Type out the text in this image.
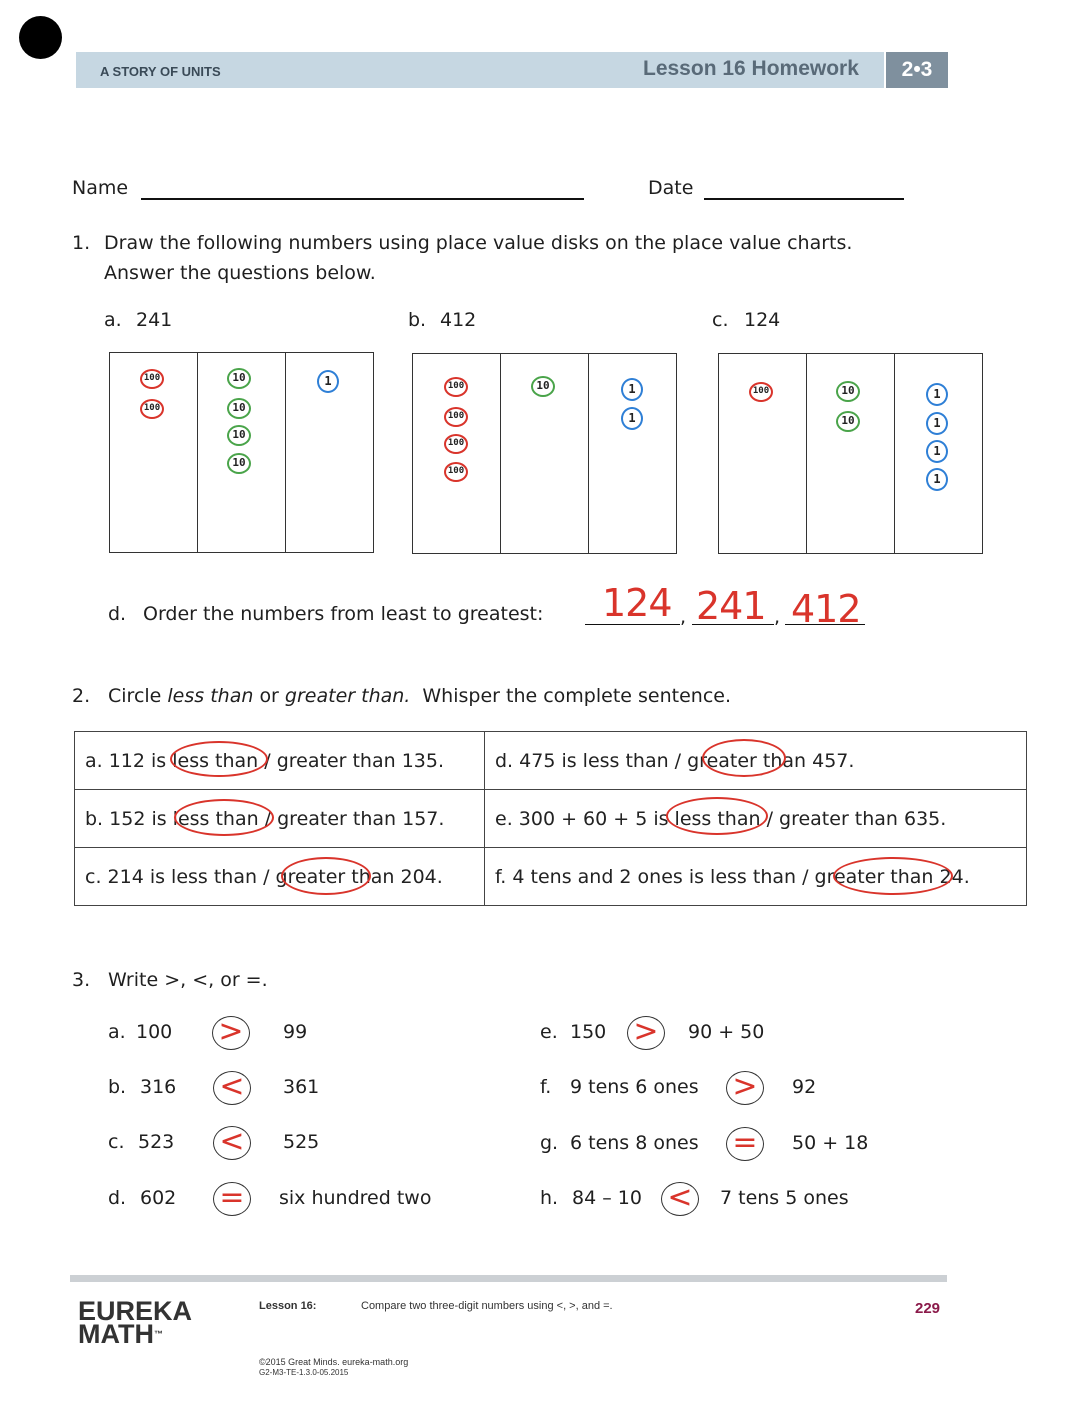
A STORY OF UNITS	Lesson 16 Homework	2•3
Name	Date
1. Draw the following numbers using place value disks on the place value charts.
Answer the questions below.
a. 241	b. 412	c. 124
100
100
10
10
10
10
1	100
100
100
100
10	1
1
100	10
10
1
1
1
1
d. Order the numbers from least to greatest:	,	,
124 241 412
2. Circle less than or greater than. Whisper the complete sentence.
a. 112 is less than / greater than 135.	d. 475 is less than / greater than 457.
b. 152 is less than / greater than 157.	e. 300 + 60 + 5 is less than / greater than 635.
c. 214 is less than / greater than 204.	f. 4 tens and 2 ones is less than / greater than 24.
3. Write >, <, or =.
a. 100 >	99
b. 316 <	361
c. 523 <	525
d. 602 =	six hundred two
e. 150 >	90 + 50
f. 9 tens 6 ones >	92
g. 6 tens 8 ones =	50 + 18
h. 84 – 10 <	7 tens 5 ones
EUREKA
MATH™
Lesson 16:	Compare two three-digit numbers using <, >, and =.	229
©2015 Great Minds. eureka-math.org
G2-M3-TE-1.3.0-05.2015
